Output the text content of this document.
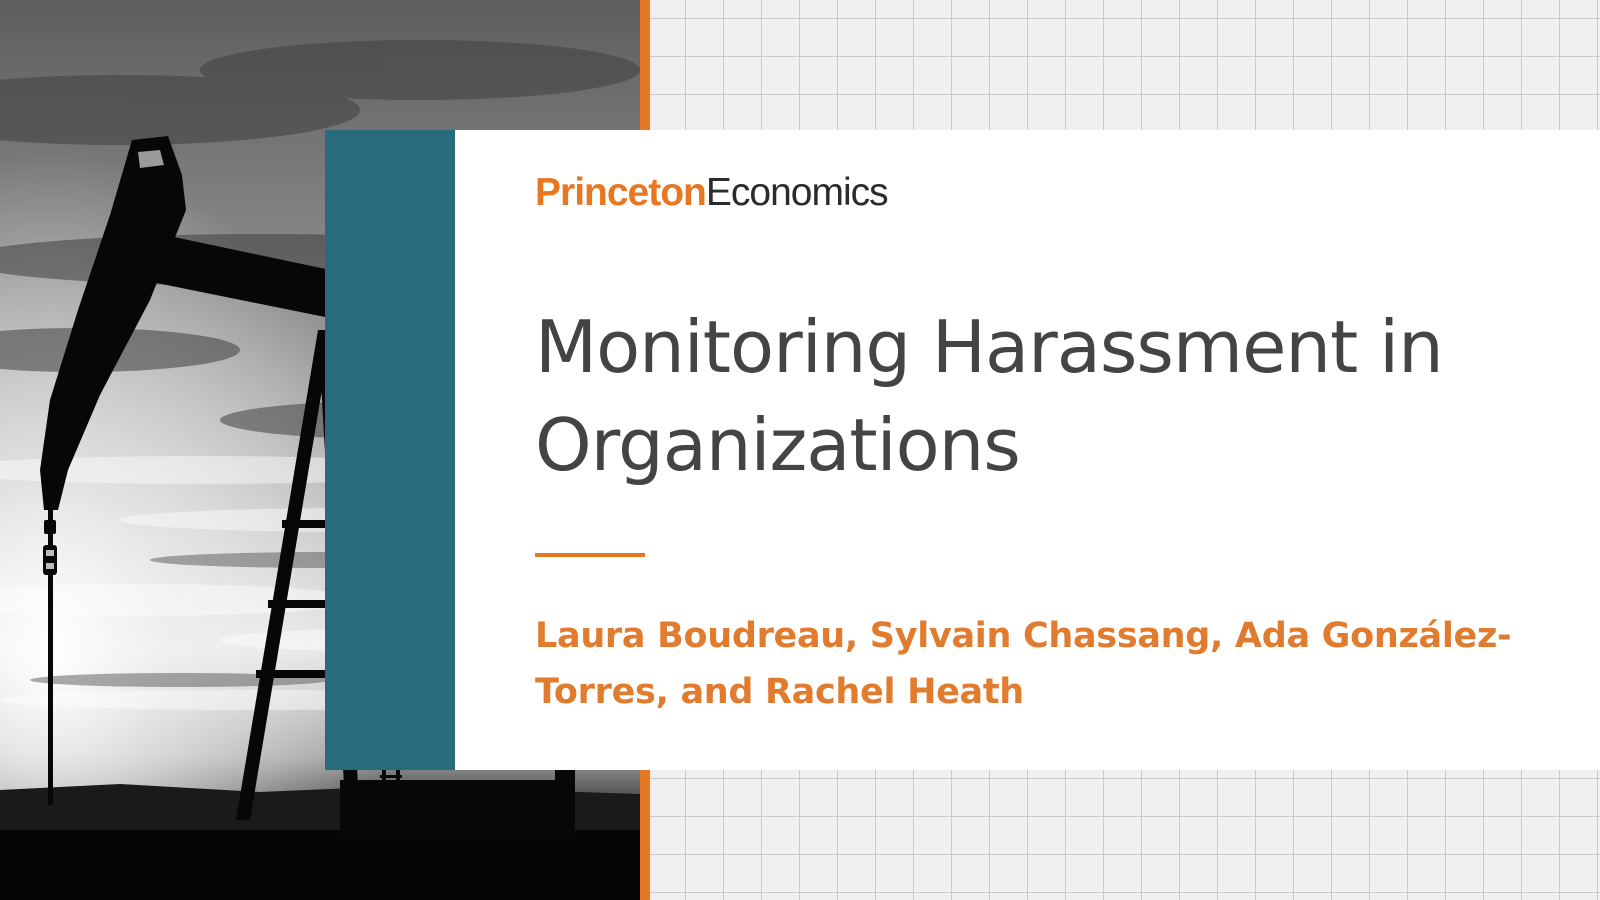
PrincetonEconomics
Monitoring Harassment in Organizations

Laura Boudreau, Sylvain Chassang, Ada González-Torres, and Rachel Heath
